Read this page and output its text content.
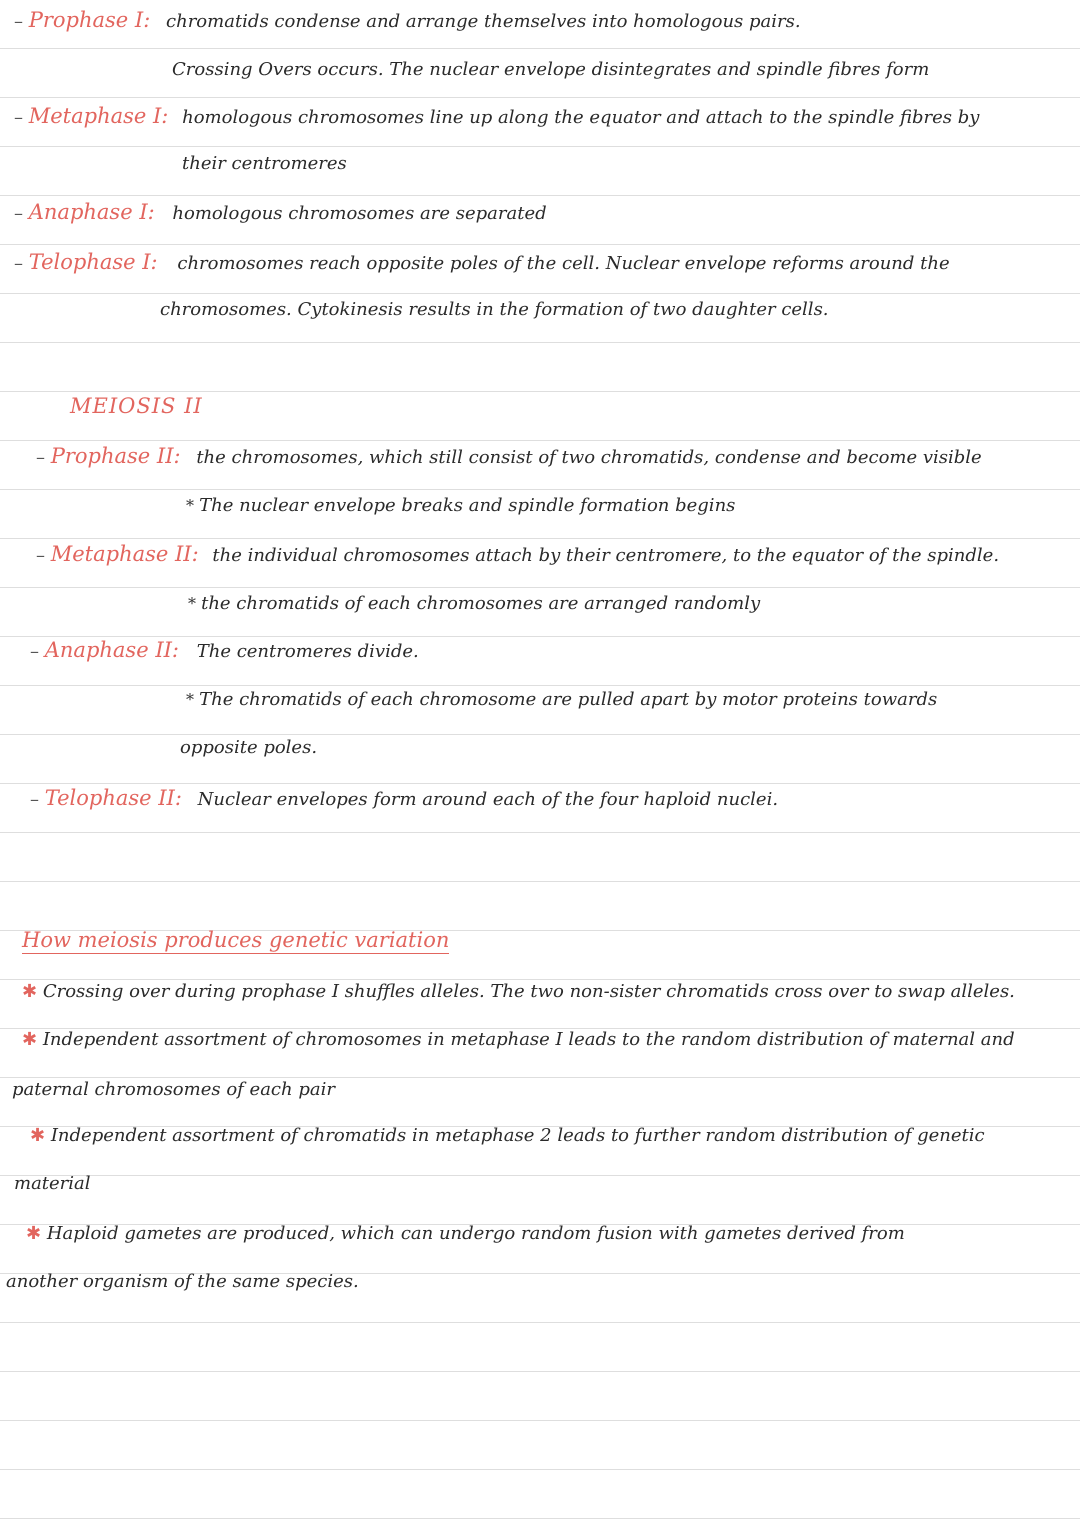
– Prophase I: chromatids condense and arrange themselves into homologous pairs.
Crossing Overs occurs. The nuclear envelope disintegrates and spindle fibres form
– Metaphase I: homologous chromosomes line up along the equator and attach to the spindle fibres by
their centromeres
– Anaphase I: homologous chromosomes are separated
– Telophase I: chromosomes reach opposite poles of the cell. Nuclear envelope reforms around the
chromosomes. Cytokinesis results in the formation of two daughter cells.
MEIOSIS II
– Prophase II: the chromosomes, which still consist of two chromatids, condense and become visible
* The nuclear envelope breaks and spindle formation begins
– Metaphase II: the individual chromosomes attach by their centromere, to the equator of the spindle.
* the chromatids of each chromosomes are arranged randomly
– Anaphase II: The centromeres divide.
* The chromatids of each chromosome are pulled apart by motor proteins towards
opposite poles.
– Telophase II: Nuclear envelopes form around each of the four haploid nuclei.
How meiosis produces genetic variation
✱ Crossing over during prophase I shuffles alleles. The two non-sister chromatids cross over to swap alleles.
✱ Independent assortment of chromosomes in metaphase I leads to the random distribution of maternal and
paternal chromosomes of each pair
✱ Independent assortment of chromatids in metaphase 2 leads to further random distribution of genetic
material
✱ Haploid gametes are produced, which can undergo random fusion with gametes derived from
another organism of the same species.
